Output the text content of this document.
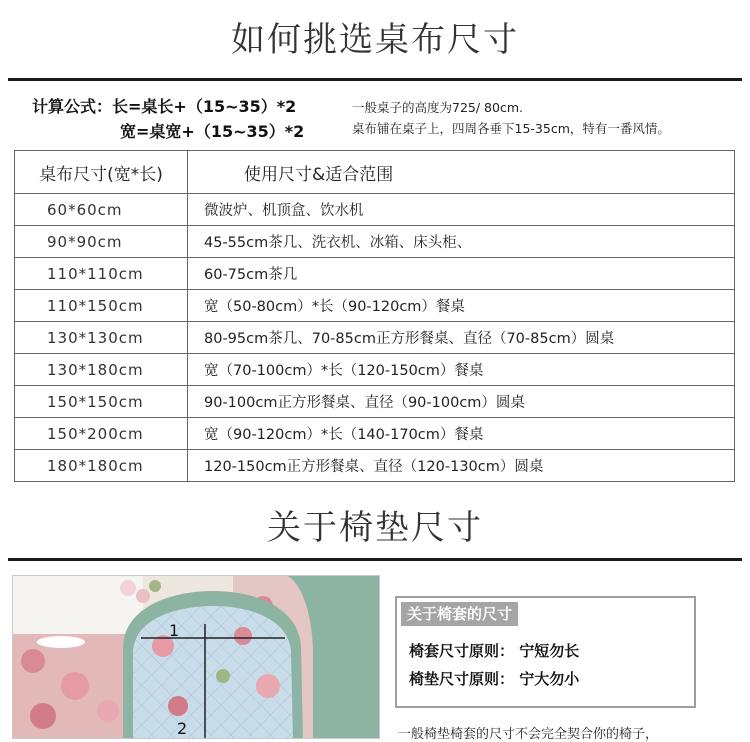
如何挑选桌布尺寸
计算公式：长=桌长+（15~35）*2
宽=桌宽+（15~35）*2
一般桌子的高度为725/ 80cm.
桌布铺在桌子上，四周各垂下15-35cm，特有一番风情。
桌布尺寸(宽*长)	使用尺寸&适合范围
60*60cm	微波炉、机顶盒、饮水机
90*90cm	45-55cm茶几、洗衣机、冰箱、床头柜、
110*110cm	60-75cm茶几
110*150cm	宽（50-80cm）*长（90-120cm）餐桌
130*130cm	80-95cm茶几、70-85cm正方形餐桌、直径（70-85cm）圆桌
130*180cm	宽（70-100cm）*长（120-150cm）餐桌
150*150cm	90-100cm正方形餐桌、直径（90-100cm）圆桌
150*200cm	宽（90-120cm）*长（140-170cm）餐桌
180*180cm	120-150cm正方形餐桌、直径（120-130cm）圆桌
关于椅垫尺寸
1
2
关于椅套的尺寸
椅套尺寸原则： 宁短勿长
椅垫尺寸原则： 宁大勿小
一般椅垫椅套的尺寸不会完全契合你的椅子，
